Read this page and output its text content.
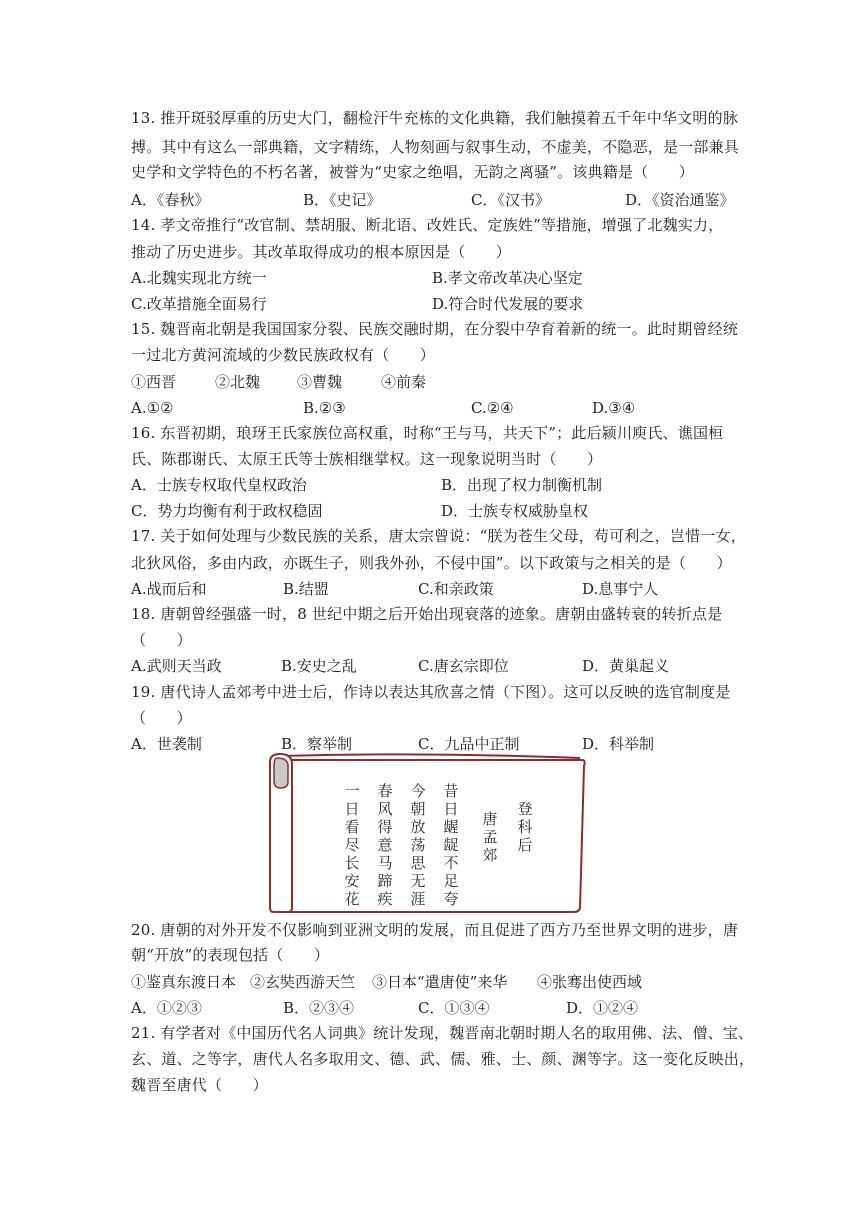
13. 推开斑驳厚重的历史大门，翻检汗牛充栋的文化典籍，我们触摸着五千年中华文明的脉
搏。其中有这么一部典籍，文字精练，人物刻画与叙事生动，不虚美，不隐恶，是一部兼具
史学和文学特色的不朽名著，被誉为“史家之绝唱，无韵之离骚”。该典籍是（　　）
A．《春秋》	B．《史记》	C．《汉书》	D．《资治通鉴》
14. 孝文帝推行“改官制、禁胡服、断北语、改姓氏、定族姓”等措施，增强了北魏实力，
推动了历史进步。其改革取得成功的根本原因是（　　）
A.北魏实现北方统一	B.孝文帝改革决心坚定
C.改革措施全面易行	D.符合时代发展的要求
15. 魏晋南北朝是我国国家分裂、民族交融时期，在分裂中孕育着新的统一。此时期曾经统
一过北方黄河流域的少数民族政权有（　　）
①西晋	②北魏 ③曹魏	④前秦
A.①②	B.②③	C.②④	D.③④
16. 东晋初期，琅玡王氏家族位高权重，时称“王与马，共天下”；此后颍川庾氏、谯国桓
氏、陈郡谢氏、太原王氏等士族相继掌权。这一现象说明当时（　　）
A．士族专权取代皇权政治	B．出现了权力制衡机制
C．势力均衡有利于政权稳固	D．士族专权威胁皇权
17. 关于如何处理与少数民族的关系，唐太宗曾说：“朕为苍生父母，苟可利之，岂惜一女，
北狄风俗，多由内政，亦既生子，则我外孙，不侵中国”。以下政策与之相关的是（　　）
A.战而后和	B.结盟	C.和亲政策	D.息事宁人
18. 唐朝曾经强盛一时，8 世纪中期之后开始出现衰落的迹象。唐朝由盛转衰的转折点是
（　　）
A.武则天当政	B.安史之乱	C.唐玄宗即位	D．黄巢起义
19. 唐代诗人孟郊考中进士后，作诗以表达其欣喜之情（下图）。这可以反映的选官制度是
（　　）
A．世袭制	B．察举制	C．九品中正制	D．科举制
一日看尽长安花
春风得意马蹄疾
今朝放荡思无涯
昔日龌龊不足夸
唐 孟郊
登科后
20. 唐朝的对外开发不仅影响到亚洲文明的发展，而且促进了西方乃至世界文明的进步，唐
朝“开放”的表现包括（　　）
①鉴真东渡日本 ②玄奘西游天竺 ③日本“遣唐使”来华 ④张骞出使西域
A．①②③	B．②③④	C．①③④	D．①②④
21. 有学者对《中国历代名人词典》统计发现，魏晋南北朝时期人名的取用佛、法、僧、宝、
玄、道、之等字，唐代人名多取用文、德、武、儒、雅、士、颜、渊等字。这一变化反映出，
魏晋至唐代（　　）
